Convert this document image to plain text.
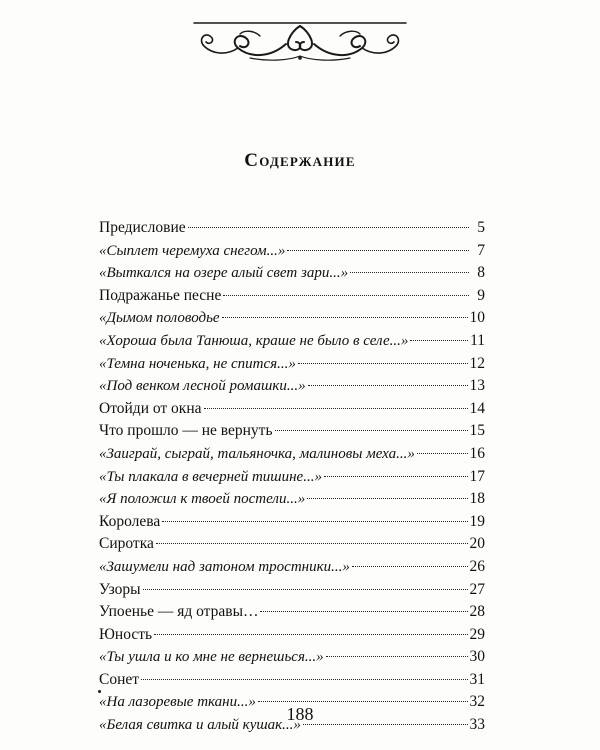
Содержание
Предисловие	5
«Сыплет черемуха снегом...»	7
«Выткался на озере алый свет зари...»	8
Подражанье песне	9
«Дымом половодье	10
«Хороша была Танюша, краше не было в селе...»	11
«Темна ноченька, не спится...»	12
«Под венком лесной ромашки...»	13
Отойди от окна	14
Что прошло — не вернуть	15
«Заиграй, сыграй, тальяночка, малиновы меха...»	16
«Ты плакала в вечерней тишине...»	17
«Я положил к твоей постели...»	18
Королева	19
Сиротка	20
«Зашумели над затоном тростники...»	26
Узоры	27
Упоенье — яд отравы…	28
Юность	29
«Ты ушла и ко мне не вернешься...»	30
Сонет	31
«На лазоревые ткани...»	32
«Белая свитка и алый кушак...»	33
188
